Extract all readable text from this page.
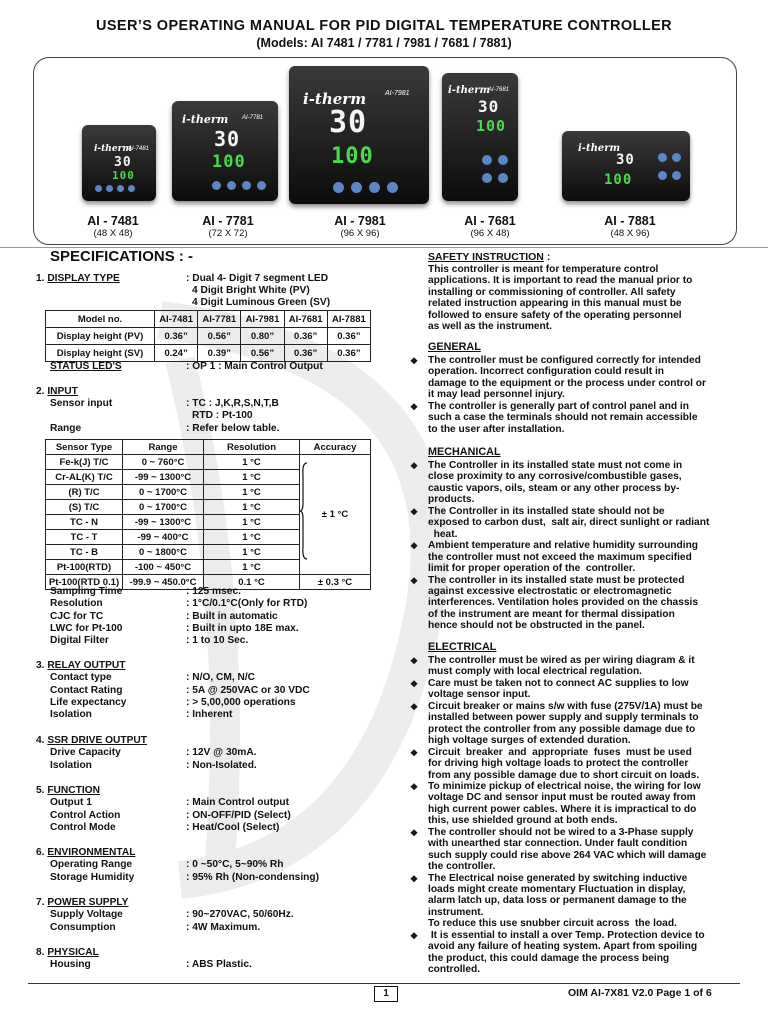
USER’S OPERATING MANUAL FOR PID DIGITAL TEMPERATURE CONTROLLER
(Models: AI 7481 / 7781 / 7981 / 7681 / 7881)
i-therm
AI-7481
30
100
i-therm AI-7781
30
100
i-therm	AI-7981
30
100
i-therm
AI-7681
30
100
i-therm
30
100
AI - 7481
(48 X 48)
AI - 7781
(72 X 72)
AI - 7981
(96 X 96)
AI - 7681
(96 X 48)
AI - 7881
(48 X 96)
SPECIFICATIONS : -
1. DISPLAY TYPE	: Dual 4- Digit 7 segment LED
4 Digit Bright White (PV)
4 Digit Luminous Green (SV)
Model no.	AI-7481	AI-7781	AI-7981	AI-7681	AI-7881
Display height (PV)	0.36”	0.56”	0.80”	0.36”	0.36”
Display height (SV)	0.24”	0.39”	0.56”	0.36”	0.36”
STATUS LED'S	: OP 1 : Main Control Output
2. INPUT
Sensor input	: TC : J,K,R,S,N,T,B
RTD : Pt-100
Range	: Refer below table.
Sensor Type	Range	Resolution	Accuracy
Fe-k(J) T/C	0 ~ 760°C	1 °C	± 1 °C
Cr-AL(K) T/C	-99 ~ 1300°C	1 °C	
(R) T/C	0 ~ 1700°C	1 °C	
(S) T/C	0 ~ 1700°C	1 °C	
TC - N	-99 ~ 1300°C	1 °C	
TC - T	-99 ~ 400°C	1 °C	
TC - B	0 ~ 1800°C	1 °C	
Pt-100(RTD)	-100 ~ 450°C	1 °C	
Pt-100(RTD 0.1)	-99.9 ~ 450.0°C	0.1 °C	± 0.3 °C
Sampling Time	: 125 msec.
Resolution	: 1°C/0.1°C(Only for RTD)
CJC for TC	: Built in automatic
LWC for Pt-100	: Built in upto 18E max.
Digital Filter	: 1 to 10 Sec.
3. RELAY OUTPUT
Contact type	: N/O, CM, N/C
Contact Rating	: 5A @ 250VAC or 30 VDC
Life expectancy	: > 5,00,000 operations
Isolation	: Inherent
4. SSR DRIVE OUTPUT
Drive Capacity	: 12V @ 30mA.
Isolation	: Non-Isolated.
5. FUNCTION
Output 1	: Main Control output
Control Action	: ON-OFF/PID (Select)
Control Mode	: Heat/Cool (Select)
6. ENVIRONMENTAL
Operating Range	: 0 ~50°C, 5~90% Rh
Storage Humidity	: 95% Rh (Non-condensing)
7. POWER SUPPLY
Supply Voltage	: 90~270VAC, 50/60Hz.
Consumption	: 4W Maximum.
8. PHYSICAL
Housing	: ABS Plastic.
SAFETY INSTRUCTION :
This controller is meant for temperature control
applications. It is important to read the manual prior to
installing or commissioning of controller. All safety
related instruction appearing in this manual must be
followed to ensure safety of the operating personnel
as well as the instrument.
GENERAL
❖ The controller must be configured correctly for intended
operation. Incorrect configuration could result in
damage to the equipment or the process under control or
it may lead personnel injury.
❖ The controller is generally part of control panel and in
such a case the terminals should not remain accessible
to the user after installation.
MECHANICAL
❖ The Controller in its installed state must not come in
close proximity to any corrosive/combustible gases,
caustic vapors, oils, steam or any other process by-
products.
❖ The Controller in its installed state should not be
exposed to carbon dust,  salt air, direct sunlight or radiant
heat.
❖ Ambient temperature and relative humidity surrounding
the controller must not exceed the maximum specified
limit for proper operation of the  controller.
❖ The controller in its installed state must be protected
against excessive electrostatic or electromagnetic
interferences. Ventilation holes provided on the chassis
of the instrument are meant for thermal dissipation
hence should not be obstructed in the panel.
ELECTRICAL
❖ The controller must be wired as per wiring diagram & it
must comply with local electrical regulation.
❖ Care must be taken not to connect AC supplies to low
voltage sensor input.
❖ Circuit breaker or mains s/w with fuse (275V/1A) must be
installed between power supply and supply terminals to
protect the controller from any possible damage due to
high voltage surges of extended duration.
❖ Circuit  breaker  and  appropriate  fuses  must be used
for driving high voltage loads to protect the controller
from any possible damage due to short circuit on loads.
❖ To minimize pickup of electrical noise, the wiring for low
voltage DC and sensor input must be routed away from
high current power cables. Where it is impractical to do
this, use shielded ground at both ends.
❖ The controller should not be wired to a 3-Phase supply
with unearthed star connection. Under fault condition
such supply could rise above 264 VAC which will damage
the controller.
❖ The Electrical noise generated by switching inductive
loads might create momentary Fluctuation in display,
alarm latch up, data loss or permanent damage to the
instrument.
To reduce this use snubber circuit across  the load.
❖ It is essential to install a over Temp. Protection device to
avoid any failure of heating system. Apart from spoiling
the product, this could damage the process being
controlled.
1	OIM AI-7X81 V2.0 Page 1 of 6
